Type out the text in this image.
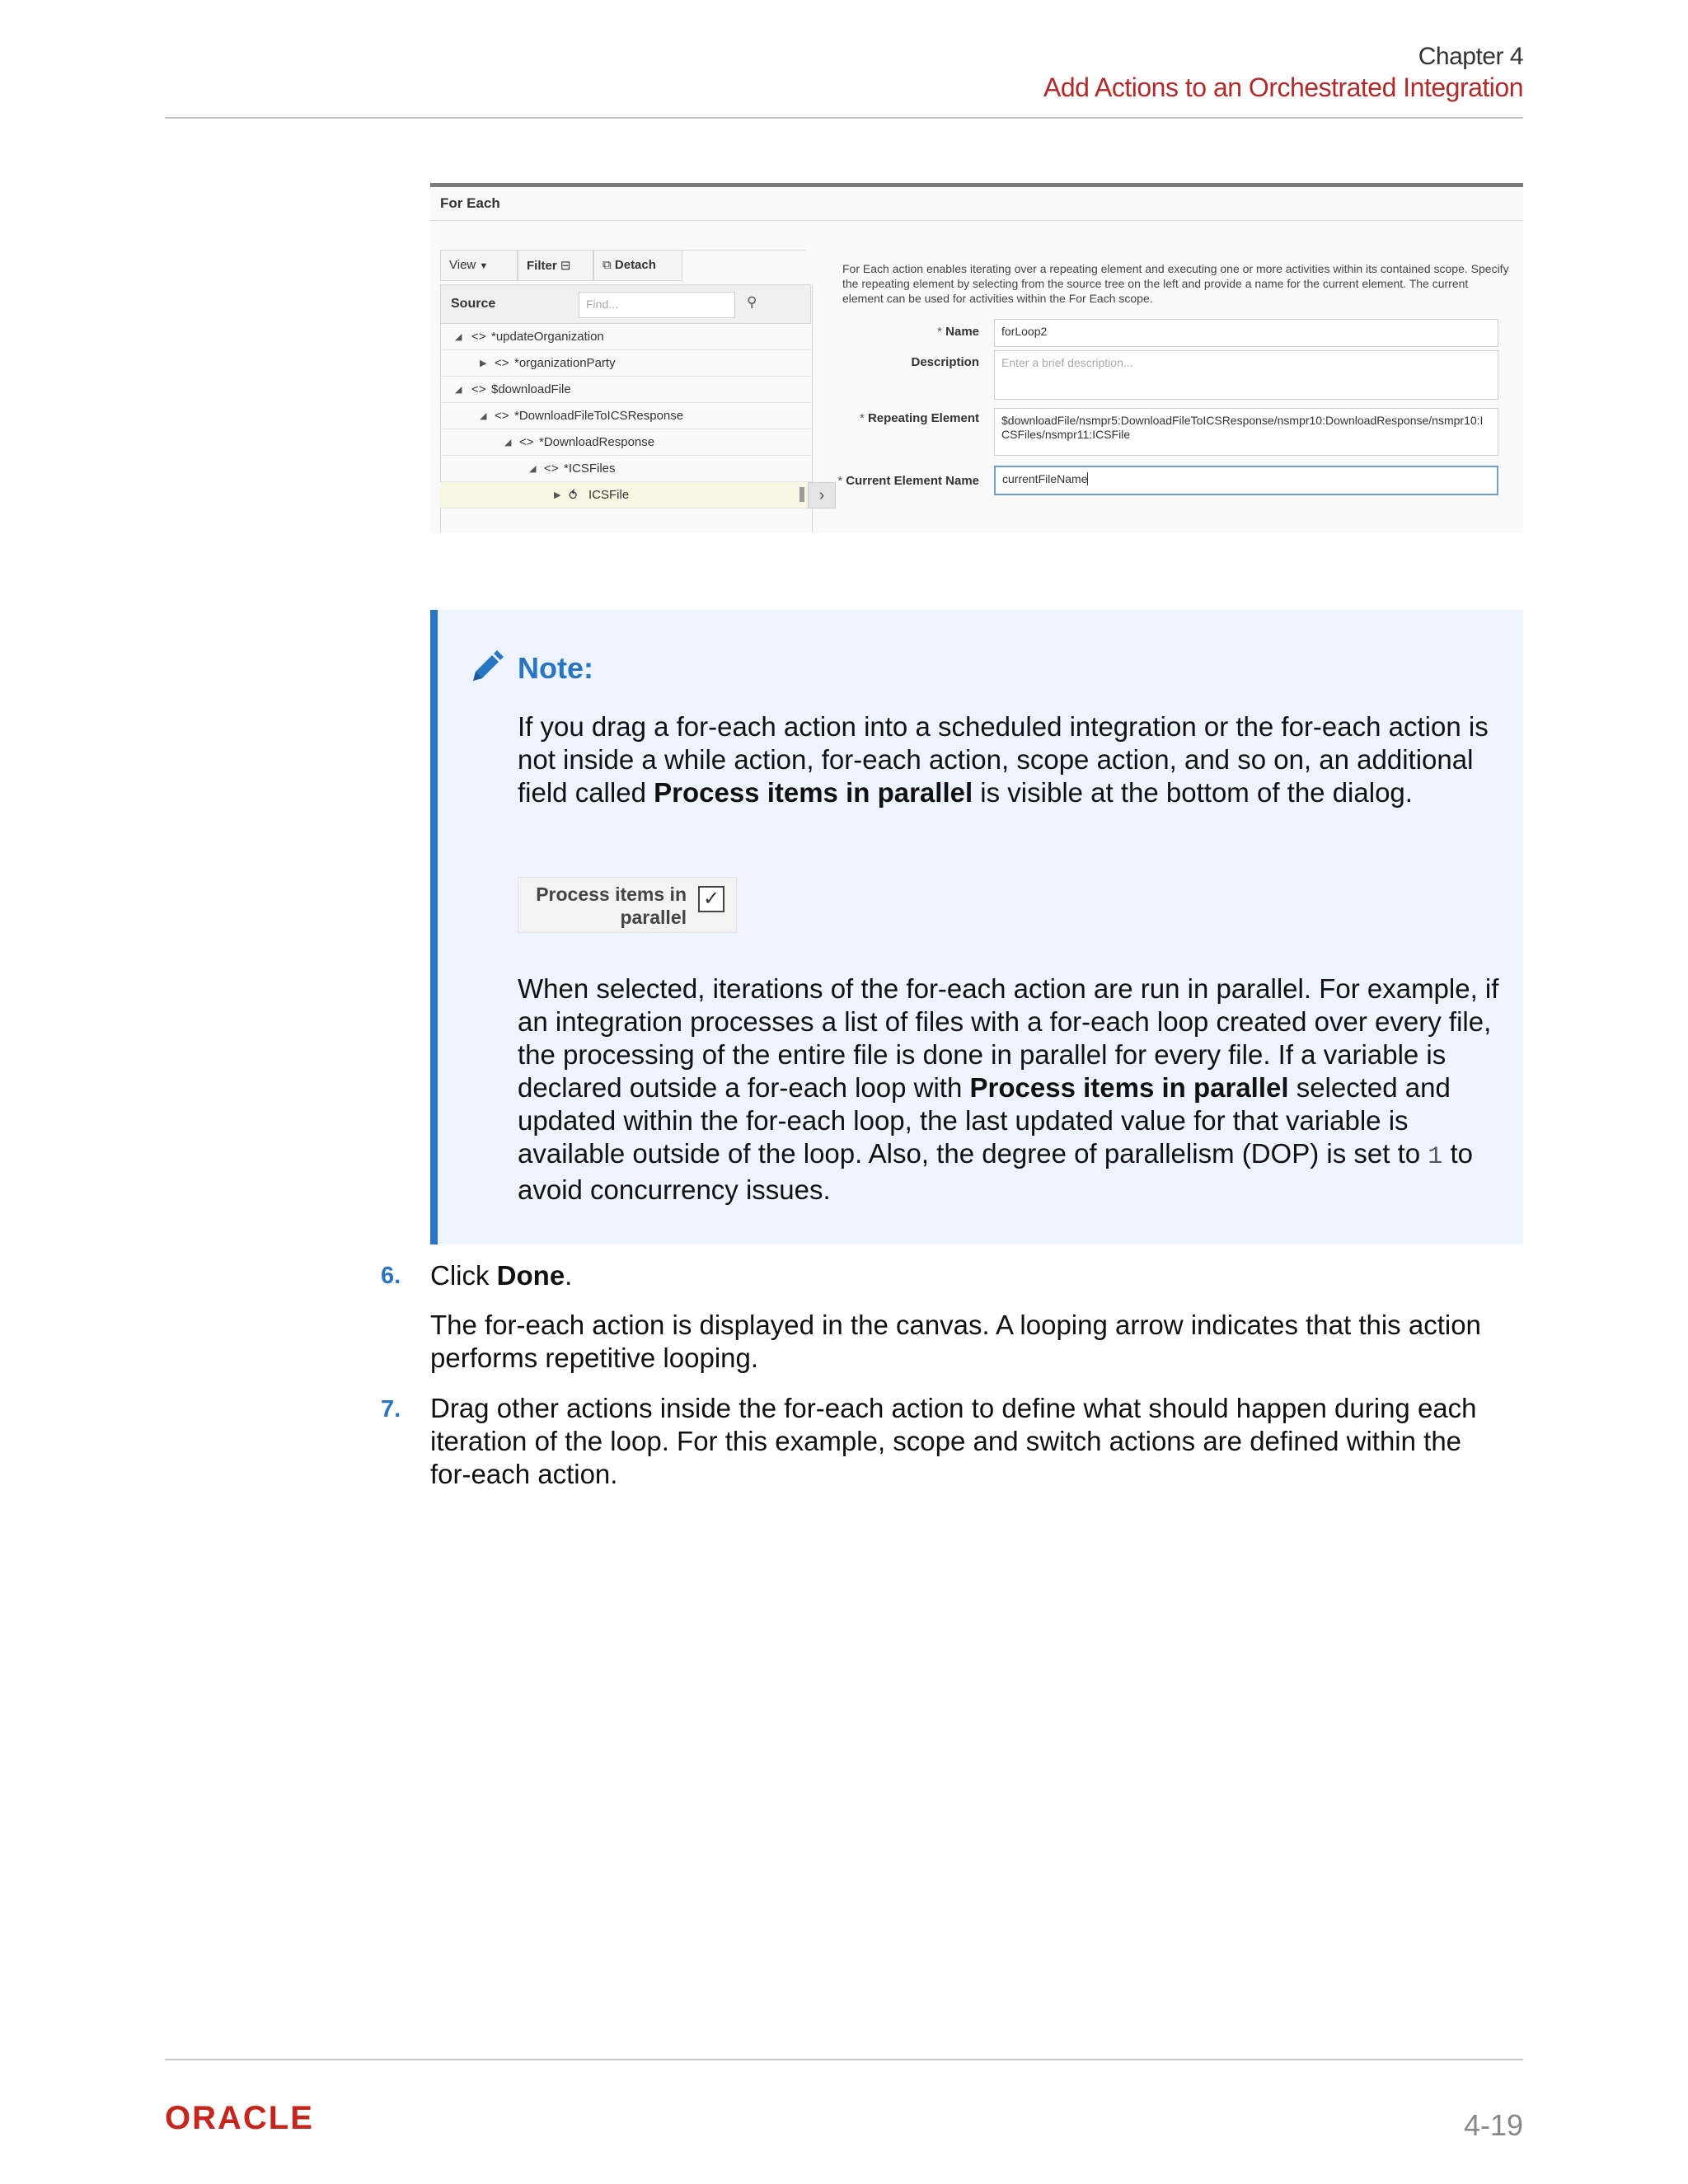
Chapter 4
Add Actions to an Orchestrated Integration
For Each
View ▼	Filter ⊟	⧉ Detach
Source	Find...	⚲
◢ <> *updateOrganization
▶ <> *organizationParty
◢ <> $downloadFile
◢ <> *DownloadFileToICSResponse
◢ <> *DownloadResponse
◢ <> *ICSFiles
▶ ⥀ ICSFile	›
For Each action enables iterating over a repeating element and executing one or more activities within its contained scope. Specify the repeating element by selecting from the source tree on the left and provide a name for the current element. The current element can be used for activities within the For Each scope.
* Name	forLoop2
Description	Enter a brief description...
* Repeating Element	$downloadFile/nsmpr5:DownloadFileToICSResponse/nsmpr10:DownloadResponse/nsmpr10:ICSFiles/nsmpr11:ICSFile
* Current Element Name	currentFileName
Note:
If you drag a for-each action into a scheduled integration or the for-each action is not inside a while action, for-each action, scope action, and so on, an additional field called Process items in parallel is visible at the bottom of the dialog.
Process items in
parallel
✓
When selected, iterations of the for-each action are run in parallel. For example, if an integration processes a list of files with a for-each loop created over every file, the processing of the entire file is done in parallel for every file. If a variable is declared outside a for-each loop with Process items in parallel selected and updated within the for-each loop, the last updated value for that variable is available outside of the loop. Also, the degree of parallelism (DOP) is set to 1 to avoid concurrency issues.
6. Click Done.
The for-each action is displayed in the canvas. A looping arrow indicates that this action performs repetitive looping.
7. Drag other actions inside the for-each action to define what should happen during each iteration of the loop. For this example, scope and switch actions are defined within the for-each action.
ORACLE	4-19
